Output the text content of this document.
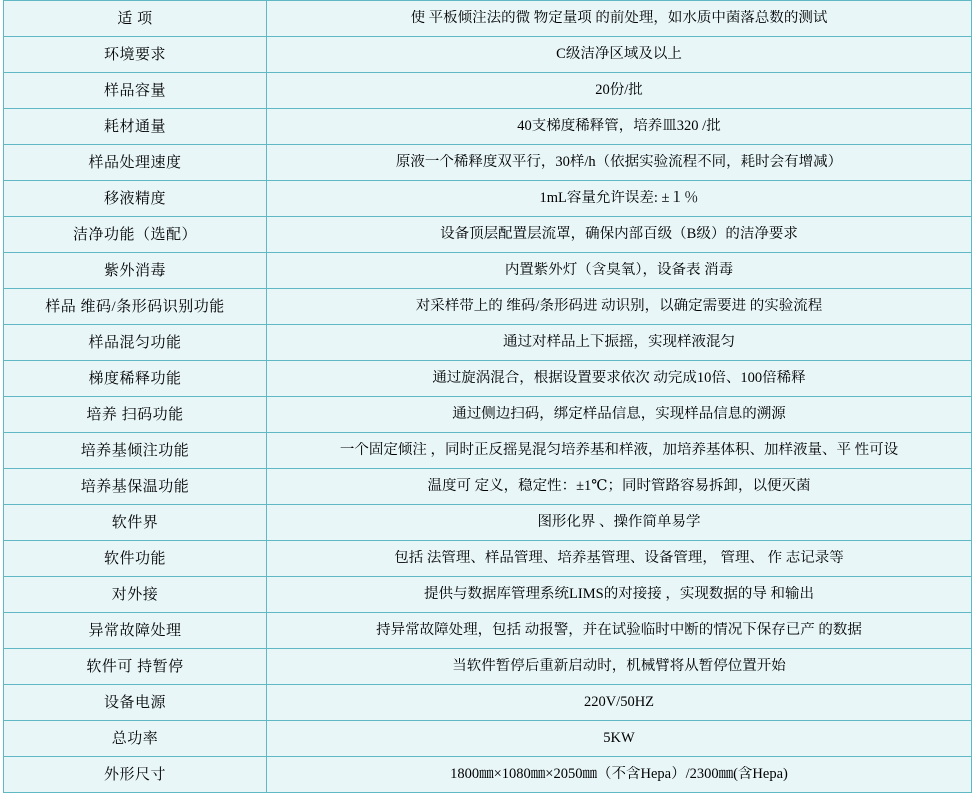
适 项	使 平板倾注法的微 物定量项 的前处理，如水质中菌落总数的测试

环境要求	C级洁净区域及以上

样品容量	20份/批

耗材通量	40支梯度稀释管，培养皿320 /批

样品处理速度	原液一个稀释度双平行，30样/h（依据实验流程不同，耗时会有增减）

移液精度	1mL容量允许误差: ±１％

洁净功能（选配）	设备顶层配置层流罩，确保内部百级（B级）的洁净要求

紫外消毒	内置紫外灯（含臭氧），设备表 消毒

样品 维码/条形码识别功能	对采样带上的 维码/条形码进 动识别，以确定需要进 的实验流程

样品混匀功能	通过对样品上下振摇，实现样液混匀

梯度稀释功能	通过旋涡混合，根据设置要求依次 动完成10倍、100倍稀释

培养 扫码功能	通过侧边扫码，绑定样品信息，实现样品信息的溯源

培养基倾注功能	一个固定倾注 ，同时正反摇晃混匀培养基和样液，加培养基体积、加样液量、平 性可设

培养基保温功能	温度可 定义，稳定性：±1℃；同时管路容易拆卸，以便灭菌

软件界	图形化界 、操作简单易学

软件功能	包括 法管理、样品管理、培养基管理、设备管理， 管理、 作 志记录等

对外接	提供与数据库管理系统LIMS的对接接 ，实现数据的导 和输出

异常故障处理	持异常故障处理，包括 动报警，并在试验临时中断的情况下保存已产 的数据

软件可 持暂停	当软件暂停后重新启动时，机械臂将从暂停位置开始

设备电源	220V/50HZ

总功率	5KW

外形尺寸	1800㎜×1080㎜×2050㎜（不含Hepa）/2300㎜(含Hepa)
